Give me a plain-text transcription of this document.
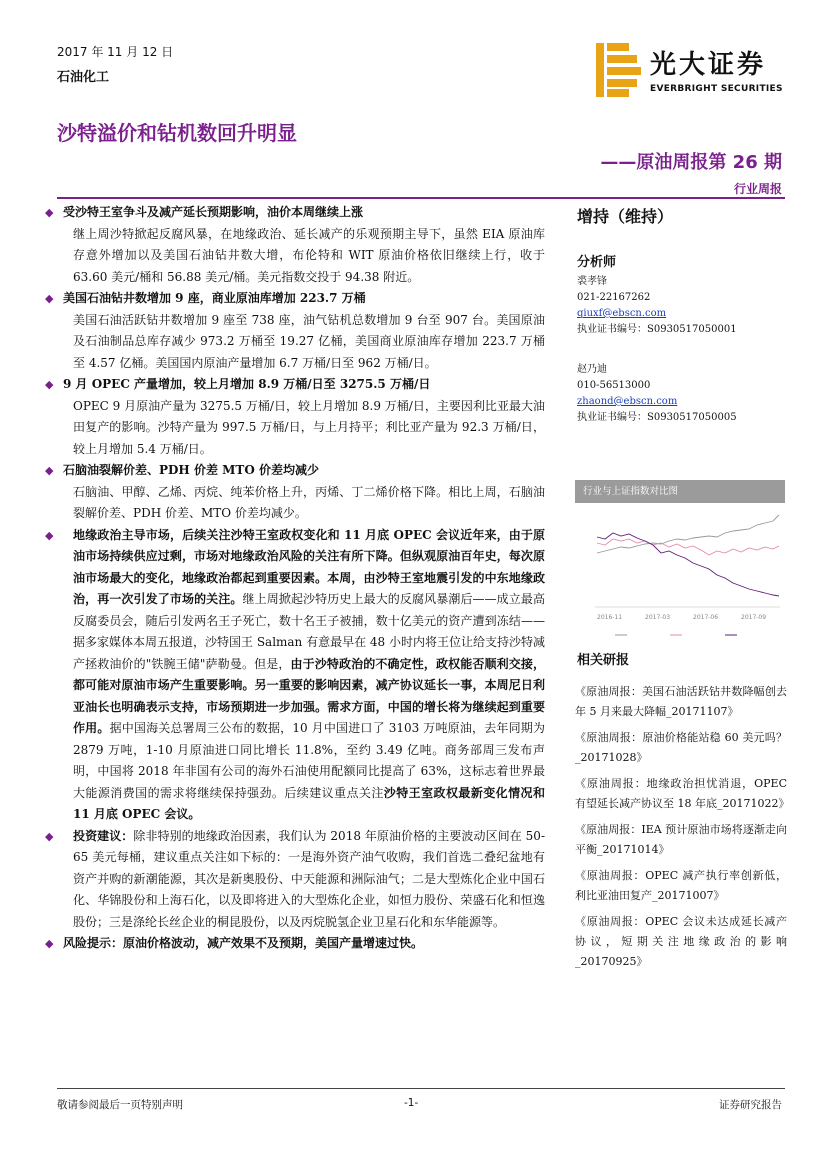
2017 年 11 月 12 日
石油化工	光大证券
EVERBRIGHT SECURITIES
沙特溢价和钻机数回升明显
——原油周报第 26 期
行业周报
◆ 受沙特王室争斗及减产延长预期影响，油价本周继续上涨
继上周沙特掀起反腐风暴，在地缘政治、延长减产的乐观预期主导下，虽然 EIA 原油库存意外增加以及美国石油钻井数大增，布伦特和 WIT 原油价格依旧继续上行，收于 63.60 美元/桶和 56.88 美元/桶。美元指数交投于 94.38 附近。
◆ 美国石油钻井数增加 9 座，商业原油库增加 223.7 万桶
美国石油活跃钻井数增加 9 座至 738 座，油气钻机总数增加 9 台至 907 台。美国原油及石油制品总库存减少 973.2 万桶至 19.27 亿桶，美国商业原油库存增加 223.7 万桶至 4.57 亿桶。美国国内原油产量增加 6.7 万桶/日至 962 万桶/日。
◆ 9 月 OPEC 产量增加，较上月增加 8.9 万桶/日至 3275.5 万桶/日
OPEC 9 月原油产量为 3275.5 万桶/日，较上月增加 8.9 万桶/日，主要因利比亚最大油田复产的影响。沙特产量为 997.5 万桶/日，与上月持平；利比亚产量为 92.3 万桶/日，较上月增加 5.4 万桶/日。
◆ 石脑油裂解价差、PDH 价差 MTO 价差均减少
石脑油、甲醇、乙烯、丙烷、纯苯价格上升，丙烯、丁二烯价格下降。相比上周，石脑油裂解价差、PDH 价差、MTO 价差均减少。
◆	地缘政治主导市场，后续关注沙特王室政权变化和 11 月底 OPEC 会议近年来，由于原油市场持续供应过剩，市场对地缘政治风险的关注有所下降。但纵观原油百年史，每次原油市场最大的变化，地缘政治都起到重要因素。本周，由沙特王室地震引发的中东地缘政治，再一次引发了市场的关注。继上周掀起沙特历史上最大的反腐风暴潮后——成立最高反腐委员会，随后引发两名王子死亡，数十名王子被捕，数十亿美元的资产遭到冻结——据多家媒体本周五报道，沙特国王 Salman 有意最早在 48 小时内将王位让给支持沙特减产拯救油价的"铁腕王储"萨勒曼。但是，由于沙特政治的不确定性，政权能否顺利交接，都可能对原油市场产生重要影响。另一重要的影响因素，减产协议延长一事，本周尼日利亚油长也明确表示支持，市场预期进一步加强。需求方面，中国的增长将为继续起到重要作用。据中国海关总署周三公布的数据，10 月中国进口了 3103 万吨原油，去年同期为 2879 万吨，1-10 月原油进口同比增长 11.8%，至约 3.49 亿吨。商务部周三发布声明，中国将 2018 年非国有公司的海外石油使用配额同比提高了 63%，这标志着世界最大能源消费国的需求将继续保持强劲。后续建议重点关注沙特王室政权最新变化情况和 11 月底 OPEC 会议。
◆	投资建议：除非特别的地缘政治因素，我们认为 2018 年原油价格的主要波动区间在 50-65 美元每桶，建议重点关注如下标的：一是海外资产油气收购，我们首选二叠纪盆地有资产并购的新潮能源，其次是新奥股份、中天能源和洲际油气；二是大型炼化企业中国石化、华锦股份和上海石化，以及即将进入的大型炼化企业，如恒力股份、荣盛石化和恒逸股份；三是涤纶长丝企业的桐昆股份，以及丙烷脱氢企业卫星石化和东华能源等。
◆ 风险提示：原油价格波动，减产效果不及预期，美国产量增速过快。
增持（维持）
分析师
裘孝锋
021-22167262
qiuxf@ebscn.com
执业证书编号：S0930517050001
赵乃迪
010-56513000
zhaond@ebscn.com
执业证书编号：S0930517050005
行业与上证指数对比图
2016-11	2017-03	2017-06	2017-09
相关研报
《原油周报：美国石油活跃钻井数降幅创去年 5 月来最大降幅_20171107》
《原油周报：原油价格能站稳 60 美元吗？_20171028》
《原油周报：地缘政治担忧消退，OPEC 有望延长减产协议至 18 年底_20171022》
《原油周报：IEA 预计原油市场将逐渐走向平衡_20171014》
《原油周报：OPEC 减产执行率创新低，利比亚油田复产_20171007》
《原油周报：OPEC 会议未达成延长减产协议，短期关注地缘政治的影响_20170925》
敬请参阅最后一页特别声明	-1-	证券研究报告
